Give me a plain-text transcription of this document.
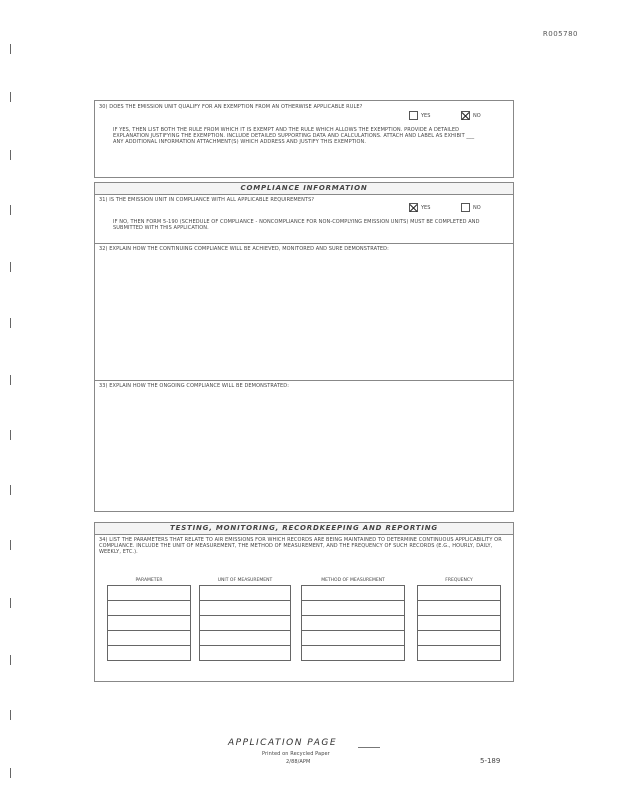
R005780
30) DOES THE EMISSION UNIT QUALIFY FOR AN EXEMPTION FROM AN OTHERWISE APPLICABLE RULE?
YES	NO
IF YES, THEN LIST BOTH THE RULE FROM WHICH IT IS EXEMPT AND THE RULE WHICH ALLOWS THE EXEMPTION. PROVIDE A DETAILED EXPLANATION JUSTIFYING THE EXEMPTION. INCLUDE DETAILED SUPPORTING DATA AND CALCULATIONS. ATTACH AND LABEL AS EXHIBIT ___ ANY ADDITIONAL INFORMATION ATTACHMENT(S) WHICH ADDRESS AND JUSTIFY THIS EXEMPTION.
COMPLIANCE INFORMATION
31) IS THE EMISSION UNIT IN COMPLIANCE WITH ALL APPLICABLE REQUIREMENTS?
YES	NO
IF NO, THEN FORM 5-190 (SCHEDULE OF COMPLIANCE - NONCOMPLIANCE FOR NON-COMPLYING EMISSION UNITS) MUST BE COMPLETED AND SUBMITTED WITH THIS APPLICATION.
32) EXPLAIN HOW THE CONTINUING COMPLIANCE WILL BE ACHIEVED, MONITORED AND SURE DEMONSTRATED:
33) EXPLAIN HOW THE ONGOING COMPLIANCE WILL BE DEMONSTRATED:
TESTING, MONITORING, RECORDKEEPING AND REPORTING
34) LIST THE PARAMETERS THAT RELATE TO AIR EMISSIONS FOR WHICH RECORDS ARE BEING MAINTAINED TO DETERMINE CONTINUOUS APPLICABILITY OR COMPLIANCE. INCLUDE THE UNIT OF MEASUREMENT, THE METHOD OF MEASUREMENT, AND THE FREQUENCY OF SUCH RECORDS (E.G., HOURLY, DAILY, WEEKLY, ETC.).
PARAMETER	UNIT OF MEASUREMENT	METHOD OF MEASUREMENT	FREQUENCY

APPLICATION PAGE
Printed on Recycled Paper
2/88/APM	5-189
